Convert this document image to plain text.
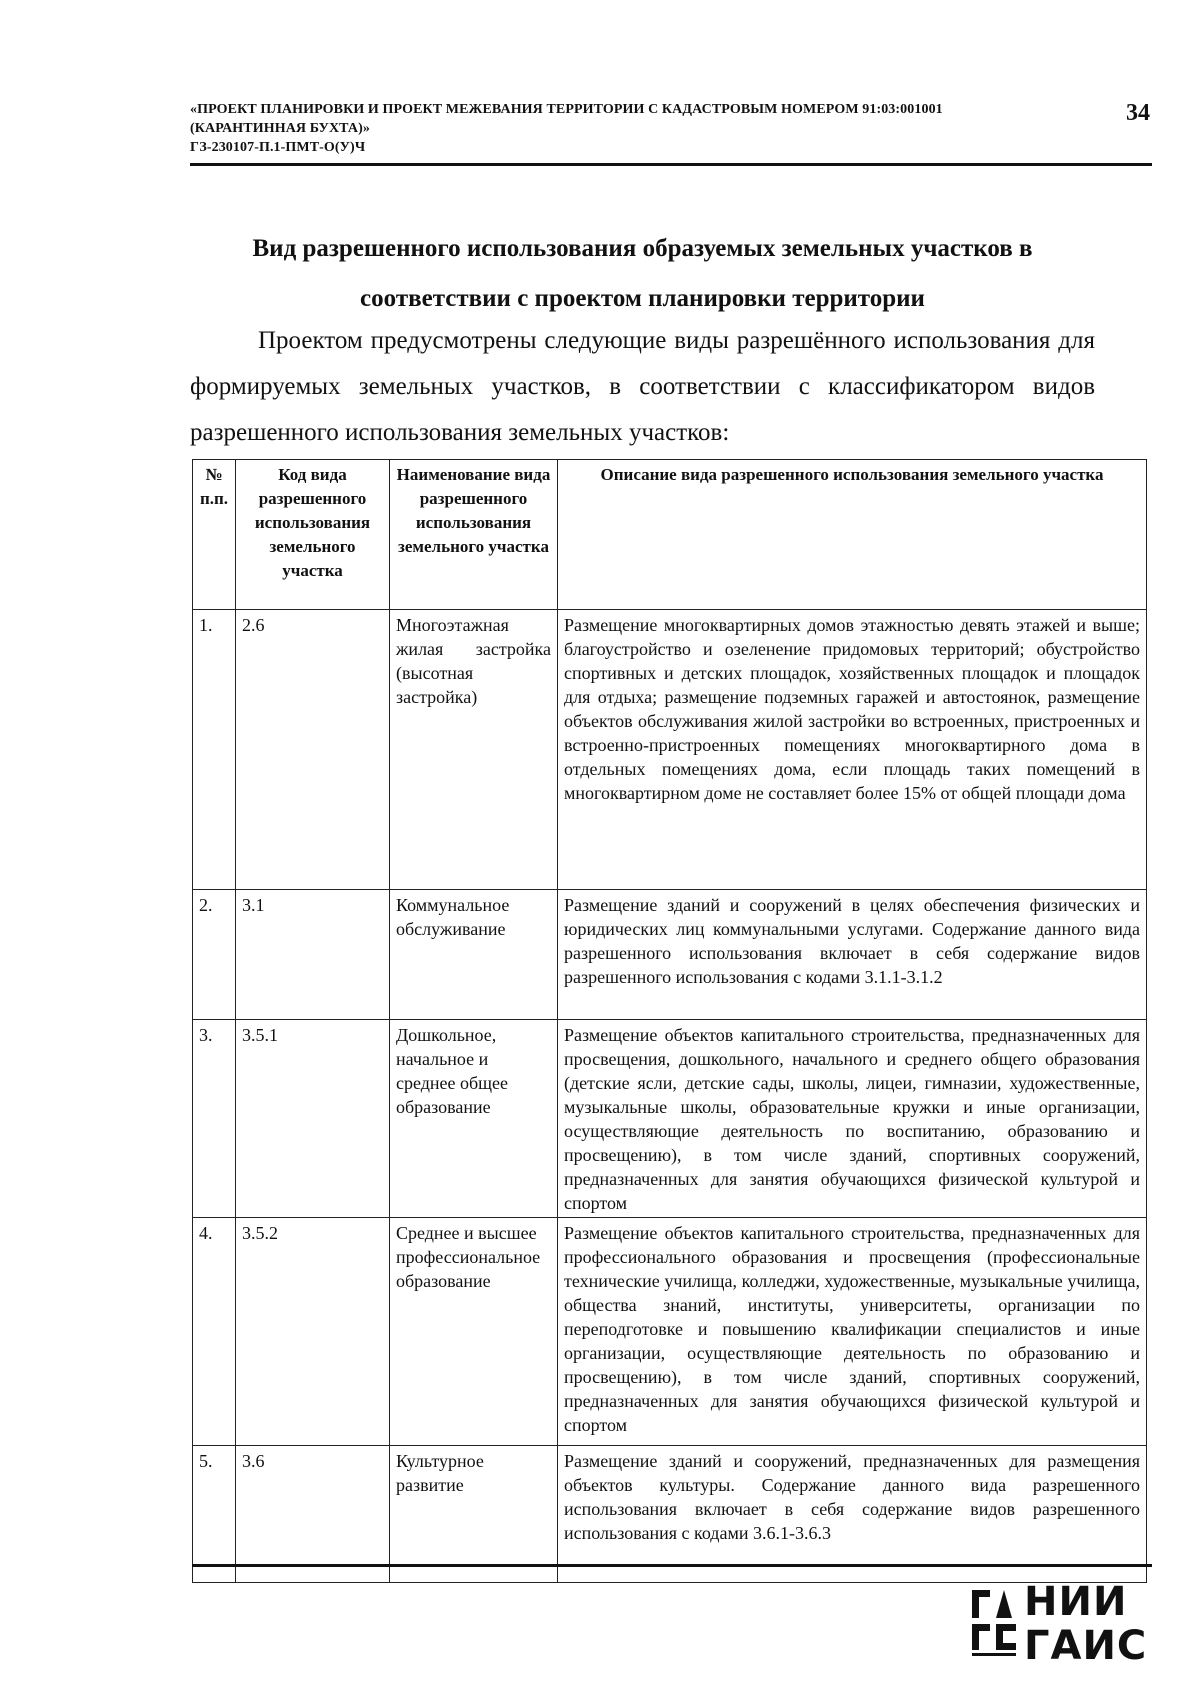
«ПРОЕКТ ПЛАНИРОВКИ И ПРОЕКТ МЕЖЕВАНИЯ ТЕРРИТОРИИ С КАДАСТРОВЫМ НОМЕРОМ 91:03:001001
(КАРАНТИННАЯ БУХТА)»
ГЗ-230107-П.1-ПМТ-О(У)Ч
34
Вид разрешенного использования образуемых земельных участков в соответствии с проектом планировки территории
Проектом предусмотрены следующие виды разрешённого использования для формируемых земельных участков, в соответствии с классификатором видов разрешенного использования земельных участков:
№ п.п.	Код вида разрешенного использования земельного участка	Наименование вида разрешенного использования земельного участка	Описание вида разрешенного использования земельного участка
1.	2.6	Многоэтажная жилая застройка (высотная застройка)	Размещение многоквартирных домов этажностью девять этажей и выше; благоустройство и озеленение придомовых территорий; обустройство спортивных и детских площадок, хозяйственных площадок и площадок для отдыха; размещение подземных гаражей и автостоянок, размещение объектов обслуживания жилой застройки во встроенных, пристроенных и встроенно-пристроенных помещениях многоквартирного дома в отдельных помещениях дома, если площадь таких помещений в многоквартирном доме не составляет более 15% от общей площади дома
2.	3.1	Коммунальное обслуживание	Размещение зданий и сооружений в целях обеспечения физических и юридических лиц коммунальными услугами. Содержание данного вида разрешенного использования включает в себя содержание видов разрешенного использования с кодами 3.1.1-3.1.2
3.	3.5.1	Дошкольное, начальное и среднее общее образование	Размещение объектов капитального строительства, предназначенных для просвещения, дошкольного, начального и среднего общего образования (детские ясли, детские сады, школы, лицеи, гимназии, художественные, музыкальные школы, образовательные кружки и иные организации, осуществляющие деятельность по воспитанию, образованию и просвещению), в том числе зданий, спортивных сооружений, предназначенных для занятия обучающихся физической культурой и спортом
4.	3.5.2	Среднее и высшее профессиональное образование	Размещение объектов капитального строительства, предназначенных для профессионального образования и просвещения (профессиональные технические училища, колледжи, художественные, музыкальные училища, общества знаний, институты, университеты, организации по переподготовке и повышению квалификации специалистов и иные организации, осуществляющие деятельность по образованию и просвещению), в том числе зданий, спортивных сооружений, предназначенных для занятия обучающихся физической культурой и спортом
5.	3.6	Культурное развитие	Размещение зданий и сооружений, предназначенных для размещения объектов культуры. Содержание данного вида разрешенного использования включает в себя содержание видов разрешенного использования с кодами 3.6.1-3.6.3
НИИ
ГАИС
